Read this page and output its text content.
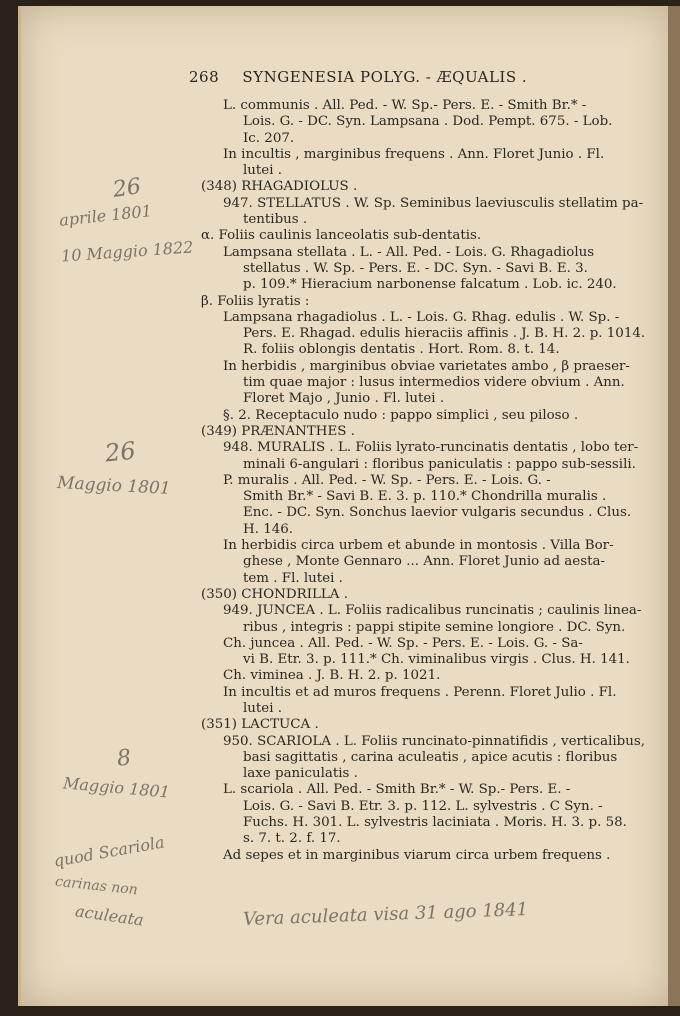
268 SYNGENESIA POLYG. - ÆQUALIS .
L. communis . All. Ped. - W. Sp.- Pers. E. - Smith Br.* -
Lois. G. - DC. Syn. Lampsana . Dod. Pempt. 675. - Lob.
Ic. 207.
In incultis , marginibus frequens . Ann. Floret Junio . Fl.
lutei .
(348) RHAGADIOLUS .
947. STELLATUS . W. Sp. Seminibus laeviusculis stellatim pa-
tentibus .
α. Foliis caulinis lanceolatis sub-dentatis.
Lampsana stellata . L. - All. Ped. - Lois. G. Rhagadiolus
stellatus . W. Sp. - Pers. E. - DC. Syn. - Savi B. E. 3.
p. 109.* Hieracium narbonense falcatum . Lob. ic. 240.
β. Foliis lyratis :
Lampsana rhagadiolus . L. - Lois. G. Rhag. edulis . W. Sp. -
Pers. E. Rhagad. edulis hieraciis affinis . J. B. H. 2. p. 1014.
R. foliis oblongis dentatis . Hort. Rom. 8. t. 14.
In herbidis , marginibus obviae varietates ambo , β praeser-
tim quae major : lusus intermedios videre obvium . Ann.
Floret Majo , Junio . Fl. lutei .
§. 2. Receptaculo nudo : pappo simplici , seu piloso .
(349) PRÆNANTHES .
948. MURALIS . L. Foliis lyrato-runcinatis dentatis , lobo ter-
minali 6-angulari : floribus paniculatis : pappo sub-sessili.
P. muralis . All. Ped. - W. Sp. - Pers. E. - Lois. G. -
Smith Br.* - Savi B. E. 3. p. 110.* Chondrilla muralis .
Enc. - DC. Syn. Sonchus laevior vulgaris secundus . Clus.
H. 146.
In herbidis circa urbem et abunde in montosis . Villa Bor-
ghese , Monte Gennaro ... Ann. Floret Junio ad aesta-
tem . Fl. lutei .
(350) CHONDRILLA .
949. JUNCEA . L. Foliis radicalibus runcinatis ; caulinis linea-
ribus , integris : pappi stipite semine longiore . DC. Syn.
Ch. juncea . All. Ped. - W. Sp. - Pers. E. - Lois. G. - Sa-
vi B. Etr. 3. p. 111.* Ch. viminalibus virgis . Clus. H. 141.
Ch. viminea . J. B. H. 2. p. 1021.
In incultis et ad muros frequens . Perenn. Floret Julio . Fl.
lutei .
(351) LACTUCA .
950. SCARIOLA . L. Foliis runcinato-pinnatifidis , verticalibus,
basi sagittatis , carina aculeatis , apice acutis : floribus
laxe paniculatis .
L. scariola . All. Ped. - Smith Br.* - W. Sp.- Pers. E. -
Lois. G. - Savi B. Etr. 3. p. 112. L. sylvestris . C Syn. -
Fuchs. H. 301. L. sylvestris laciniata . Moris. H. 3. p. 58.
s. 7. t. 2. f. 17.
Ad sepes et in marginibus viarum circa urbem frequens .
26
aprile 1801
10 Maggio 1822
26
Maggio 1801
8
Maggio 1801
quod Scariola
carinas non
aculeata	Vera aculeata visa 31 ago 1841
